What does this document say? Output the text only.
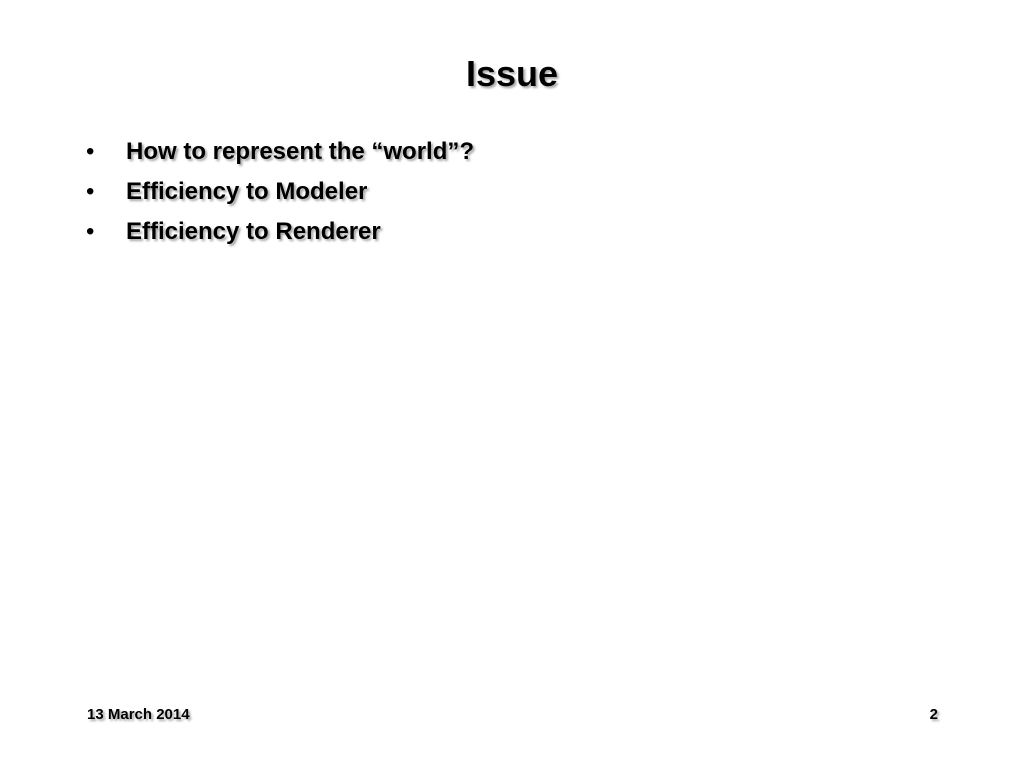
Issue
• How to represent the “world”?
• Efficiency to Modeler
• Efficiency to Renderer
13 March 2014	2
